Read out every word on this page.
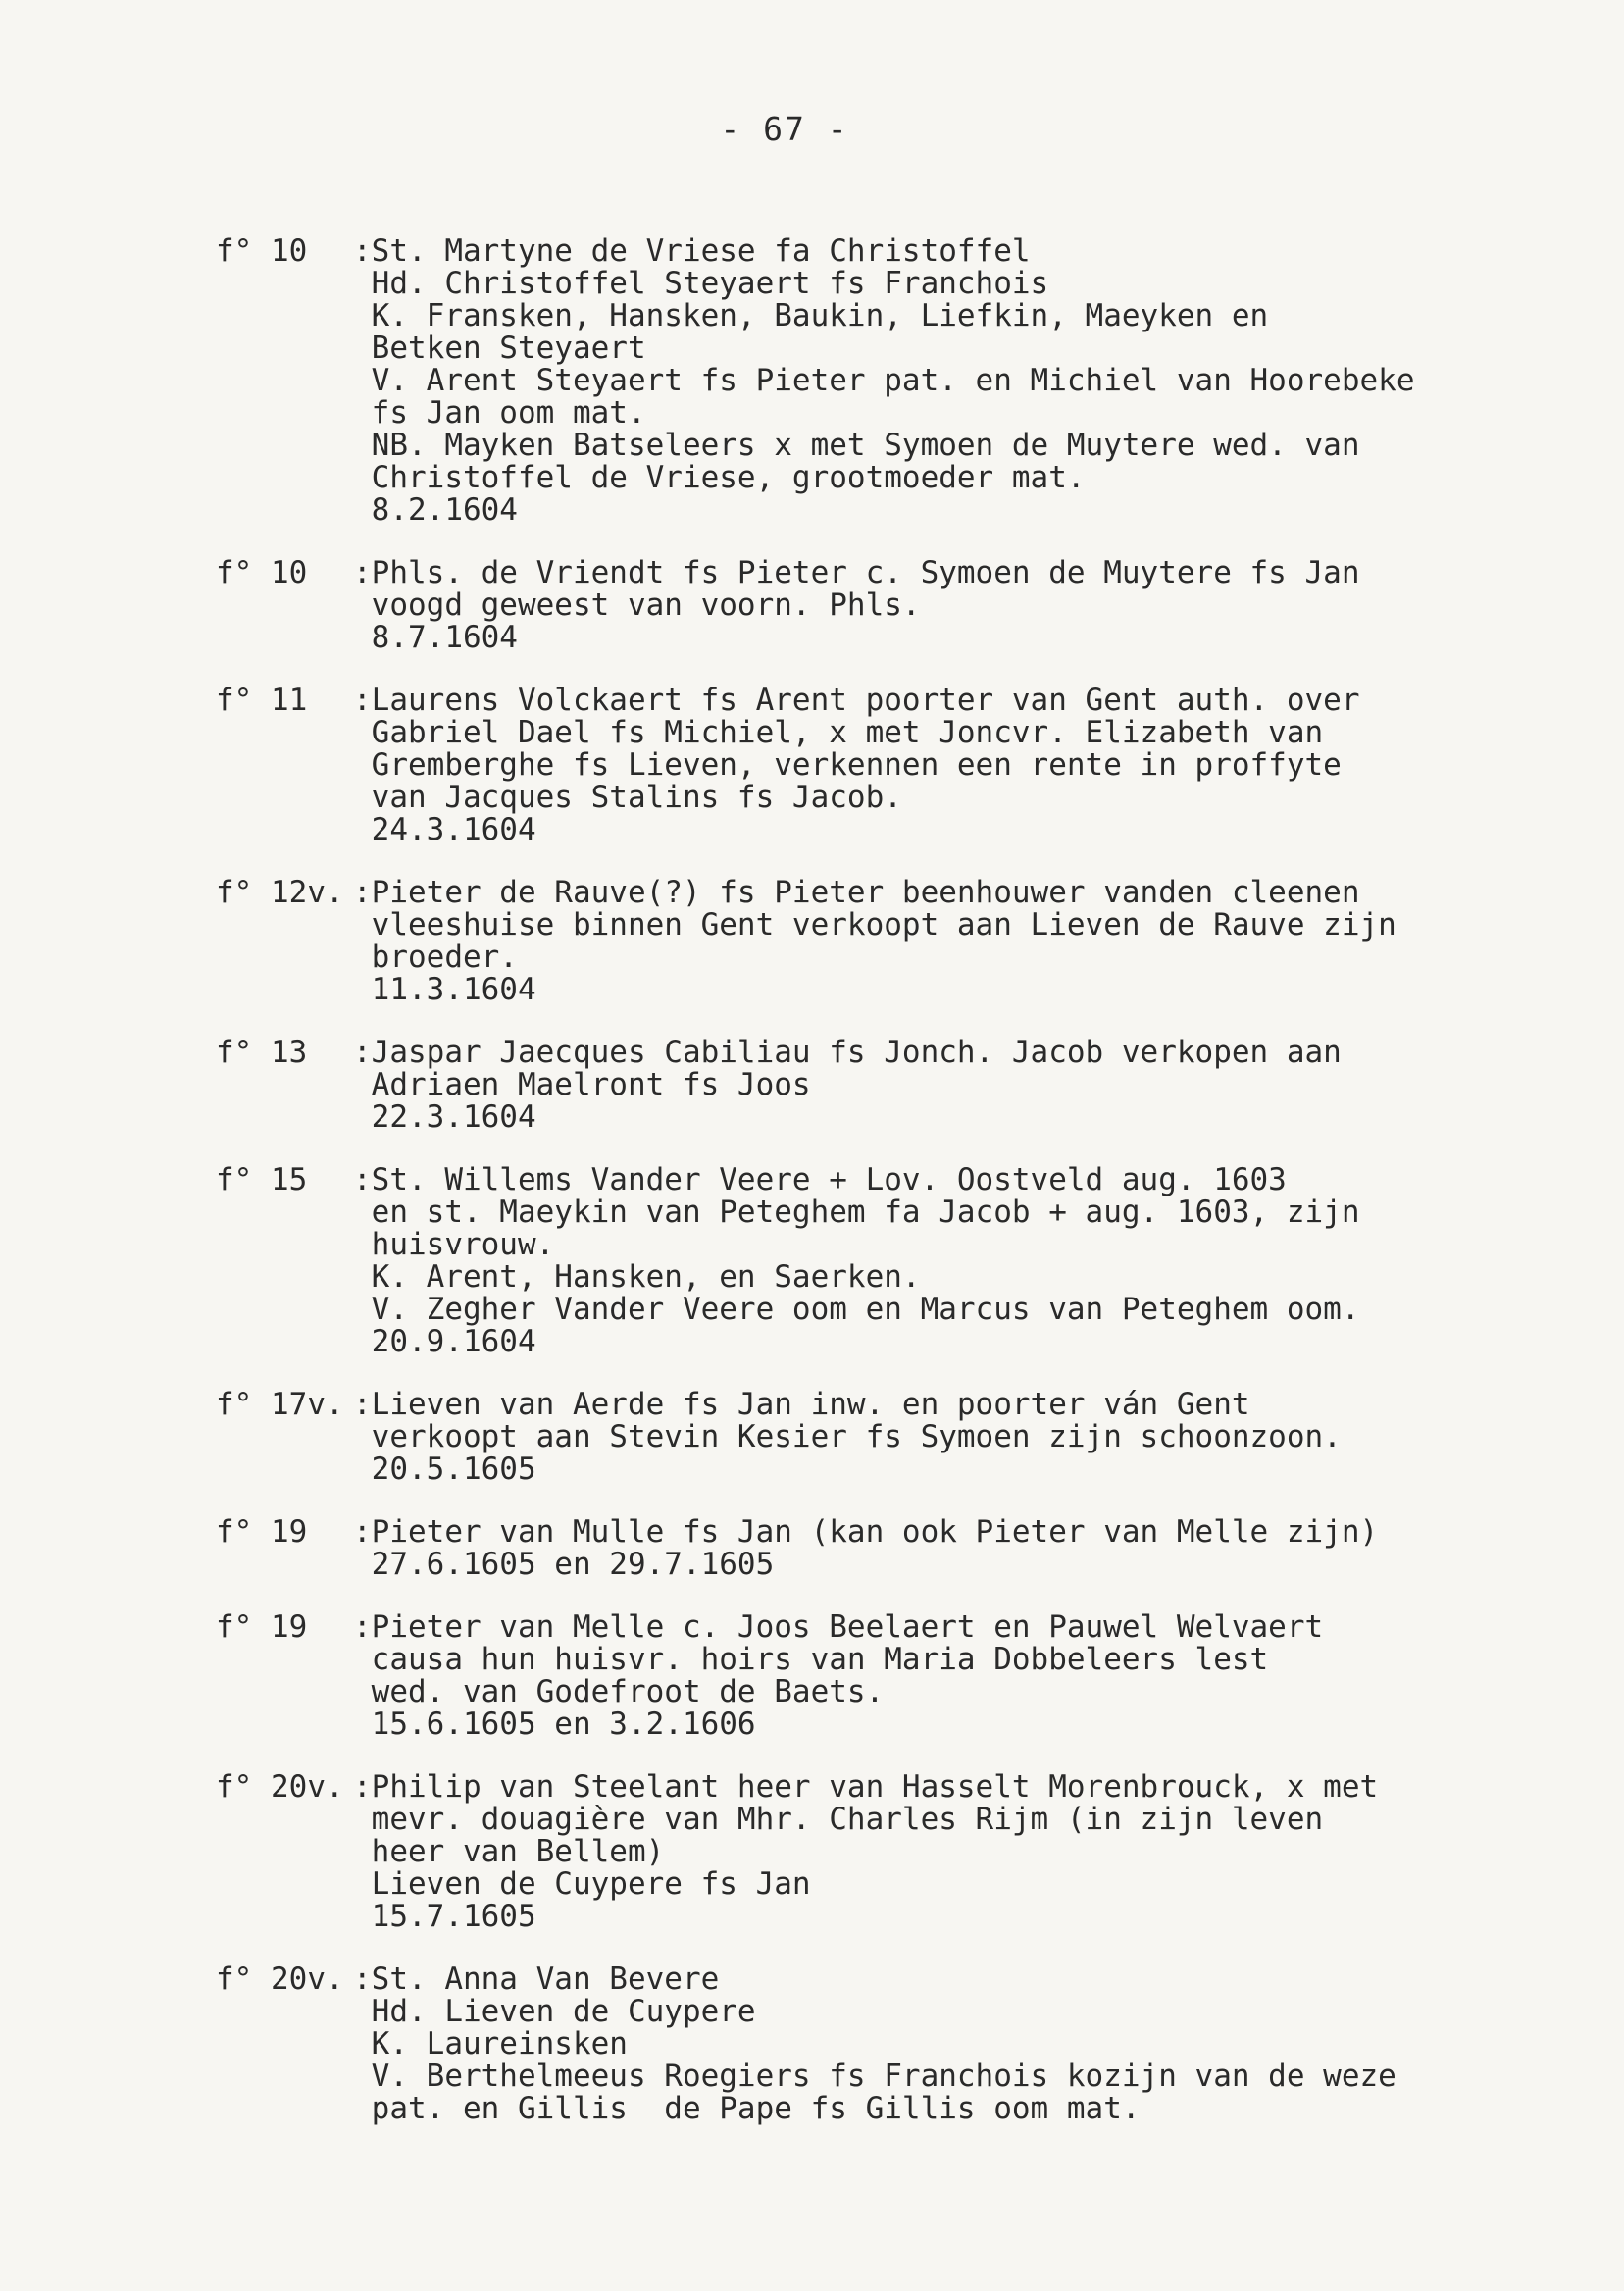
- 67 -
f° 10	:St. Martyne de Vriese fa Christoffel
Hd. Christoffel Steyaert fs Franchois
K. Fransken, Hansken, Baukin, Liefkin, Maeyken en
Betken Steyaert
V. Arent Steyaert fs Pieter pat. en Michiel van Hoorebeke
fs Jan oom mat.
NB. Mayken Batseleers x met Symoen de Muytere wed. van
Christoffel de Vriese, grootmoeder mat.
8.2.1604
f° 10	:Phls. de Vriendt fs Pieter c. Symoen de Muytere fs Jan
voogd geweest van voorn. Phls.
8.7.1604
f° 11	:Laurens Volckaert fs Arent poorter van Gent auth. over
Gabriel Dael fs Michiel, x met Joncvr. Elizabeth van
Gremberghe fs Lieven, verkennen een rente in proffyte
van Jacques Stalins fs Jacob.
24.3.1604
f° 12v. :Pieter de Rauve(?) fs Pieter beenhouwer vanden cleenen
vleeshuise binnen Gent verkoopt aan Lieven de Rauve zijn
broeder.
11.3.1604
f° 13	:Jaspar Jaecques Cabiliau fs Jonch. Jacob verkopen aan
Adriaen Maelront fs Joos
22.3.1604
f° 15	:St. Willems Vander Veere + Lov. Oostveld aug. 1603
en st. Maeykin van Peteghem fa Jacob + aug. 1603, zijn
huisvrouw.
K. Arent, Hansken, en Saerken.
V. Zegher Vander Veere oom en Marcus van Peteghem oom.
20.9.1604
f° 17v. :Lieven van Aerde fs Jan inw. en poorter ván Gent
verkoopt aan Stevin Kesier fs Symoen zijn schoonzoon.
20.5.1605
f° 19	:Pieter van Mulle fs Jan (kan ook Pieter van Melle zijn)
27.6.1605 en 29.7.1605
f° 19	:Pieter van Melle c. Joos Beelaert en Pauwel Welvaert
causa hun huisvr. hoirs van Maria Dobbeleers lest
wed. van Godefroot de Baets.
15.6.1605 en 3.2.1606
f° 20v. :Philip van Steelant heer van Hasselt Morenbrouck, x met
mevr. douagière van Mhr. Charles Rijm (in zijn leven
heer van Bellem)
Lieven de Cuypere fs Jan
15.7.1605
f° 20v. :St. Anna Van Bevere
Hd. Lieven de Cuypere
K. Laureinsken
V. Berthelmeeus Roegiers fs Franchois kozijn van de weze
pat. en Gillis  de Pape fs Gillis oom mat.
